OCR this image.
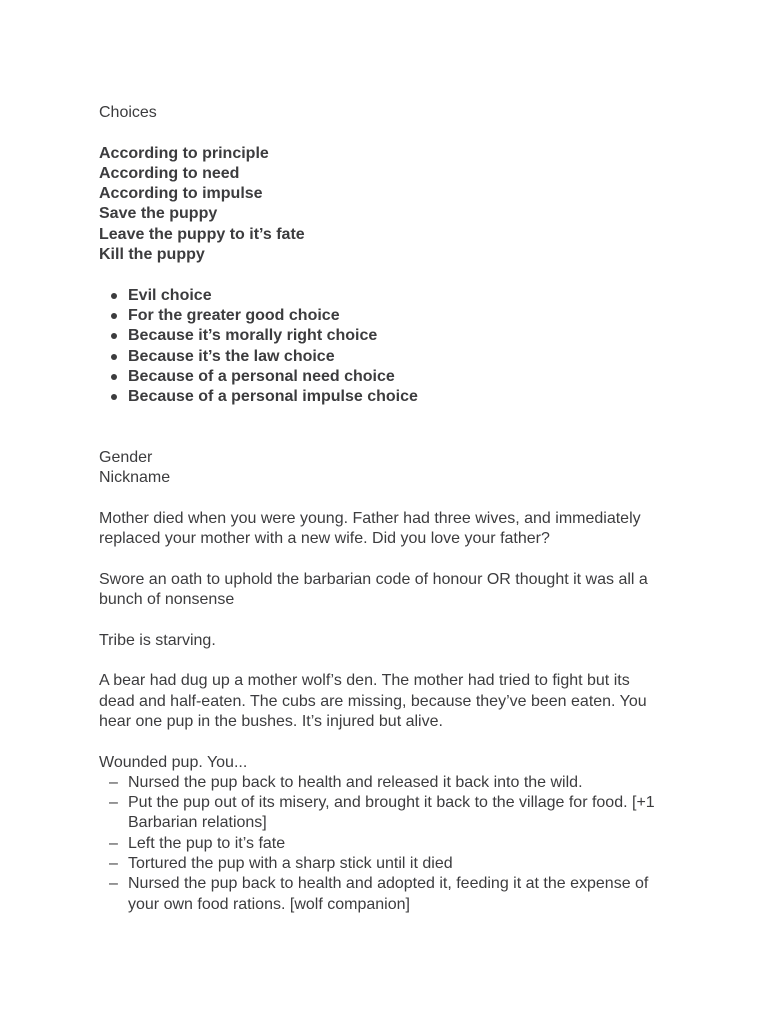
Choices

According to principle

According to need

According to impulse

Save the puppy

Leave the puppy to it’s fate

Kill the puppy

Evil choice
For the greater good choice
Because it’s morally right choice
Because it’s the law choice
Because of a personal need choice
Because of a personal impulse choice

Gender

Nickname

Mother died when you were young. Father had three wives, and immediately replaced your mother with a new wife. Did you love your father?

Swore an oath to uphold the barbarian code of honour OR thought it was all a bunch of nonsense

Tribe is starving.

A bear had dug up a mother wolf’s den. The mother had tried to fight but its dead and half-eaten. The cubs are missing, because they’ve been eaten. You hear one pup in the bushes. It’s injured but alive.

Wounded pup. You...

– Nursed the pup back to health and released it back into the wild.
– Put the pup out of its misery, and brought it back to the village for food. [+1 Barbarian relations]
– Left the pup to it’s fate
– Tortured the pup with a sharp stick until it died
– Nursed the pup back to health and adopted it, feeding it at the expense of your own food rations. [wolf companion]
